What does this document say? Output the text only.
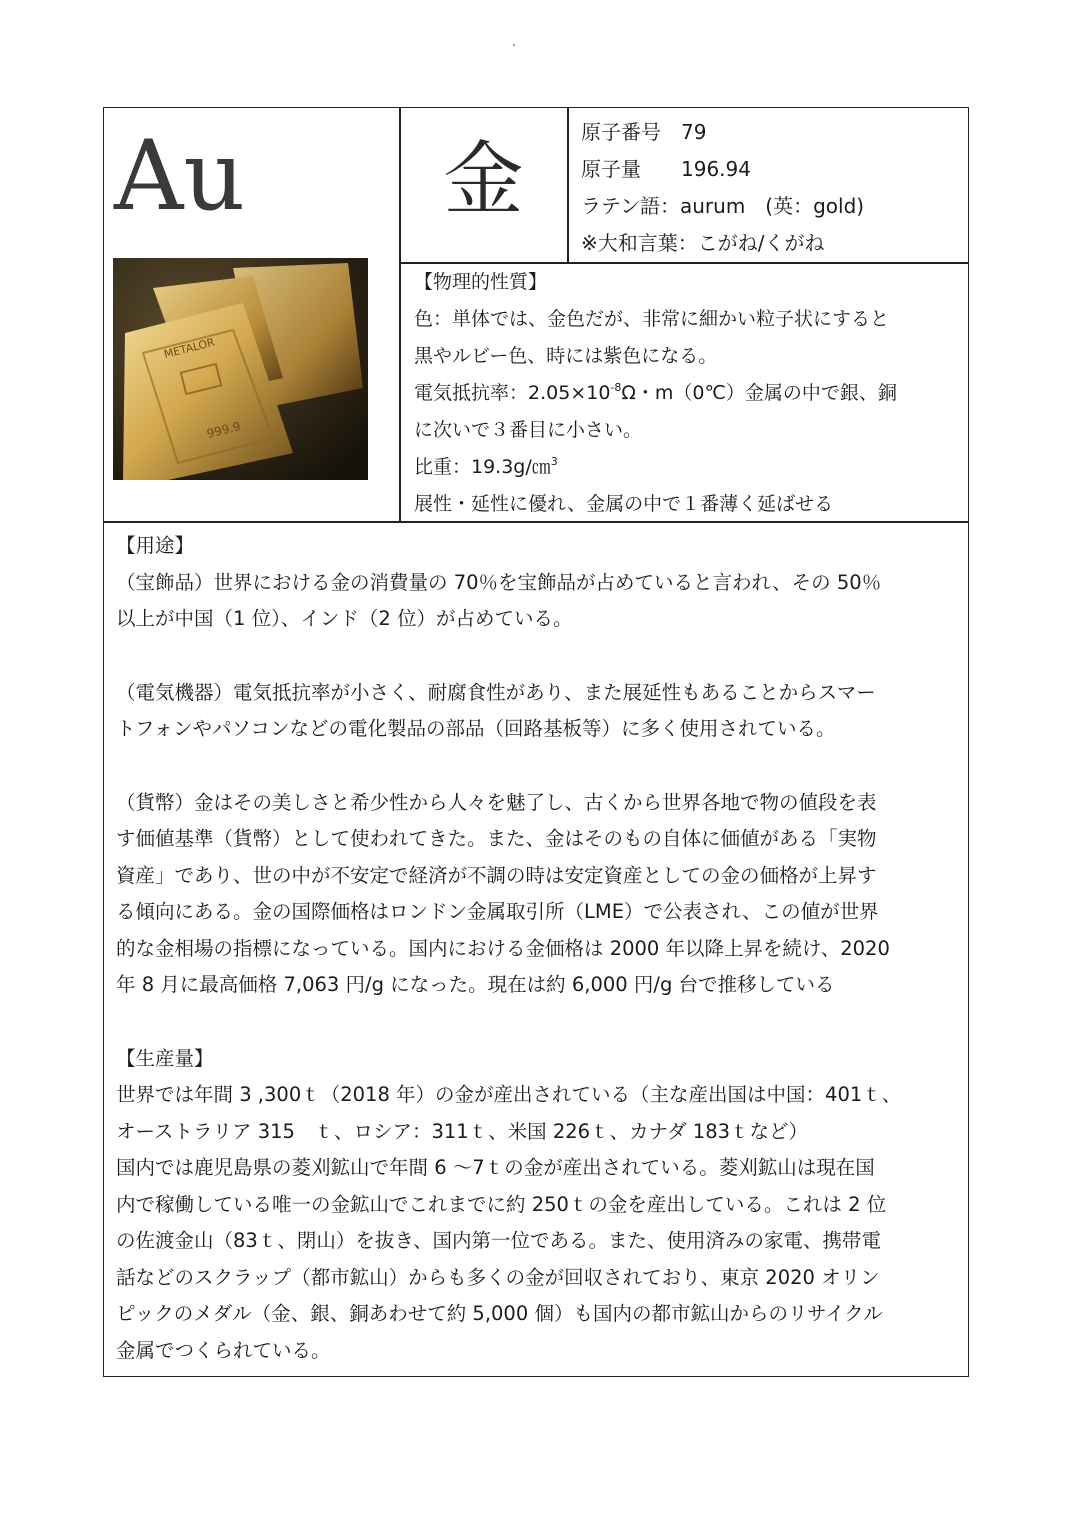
Au	金
原子番号　79
原子量　　196.94
ラテン語：aurum　(英：gold)
※大和言葉：こがね/くがね
METALOR
999.9
【物理的性質】
色：単体では、金色だが、非常に細かい粒子状にすると
黒やルビー色、時には紫色になる。
電気抵抗率：$2.05\times 10^{-8}\Omega$・m（0℃）金属の中で銀、銅
に次いで３番目に小さい。
比重：19.3g/㎝$^3$
展性・延性に優れ、金属の中で１番薄く延ばせる
【用途】
（宝飾品）世界における金の消費量の 70％を宝飾品が占めていると言われ、その 50％
以上が中国（1 位）、インド（2 位）が占めている。
（電気機器）電気抵抗率が小さく、耐腐食性があり、また展延性もあることからスマー
トフォンやパソコンなどの電化製品の部品（回路基板等）に多く使用されている。
（貨幣）金はその美しさと希少性から人々を魅了し、古くから世界各地で物の値段を表
す価値基準（貨幣）として使われてきた。また、金はそのもの自体に価値がある「実物
資産」であり、世の中が不安定で経済が不調の時は安定資産としての金の価格が上昇す
る傾向にある。金の国際価格はロンドン金属取引所（LME）で公表され、この値が世界
的な金相場の指標になっている。国内における金価格は 2000 年以降上昇を続け、2020
年 8 月に最高価格 7,063 円/g になった。現在は約 6,000 円/g 台で推移している
【生産量】
世界では年間 3 ,300ｔ（2018 年）の金が産出されている（主な産出国は中国：401ｔ、
オーストラリア 315　ｔ、ロシア：311ｔ、米国 226ｔ、カナダ 183ｔなど）
国内では鹿児島県の菱刈鉱山で年間 6 〜7ｔの金が産出されている。菱刈鉱山は現在国
内で稼働している唯一の金鉱山でこれまでに約 250ｔの金を産出している。これは 2 位
の佐渡金山（83ｔ、閉山）を抜き、国内第一位である。また、使用済みの家電、携帯電
話などのスクラップ（都市鉱山）からも多くの金が回収されており、東京 2020 オリン
ピックのメダル（金、銀、銅あわせて約 5,000 個）も国内の都市鉱山からのリサイクル
金属でつくられている。
